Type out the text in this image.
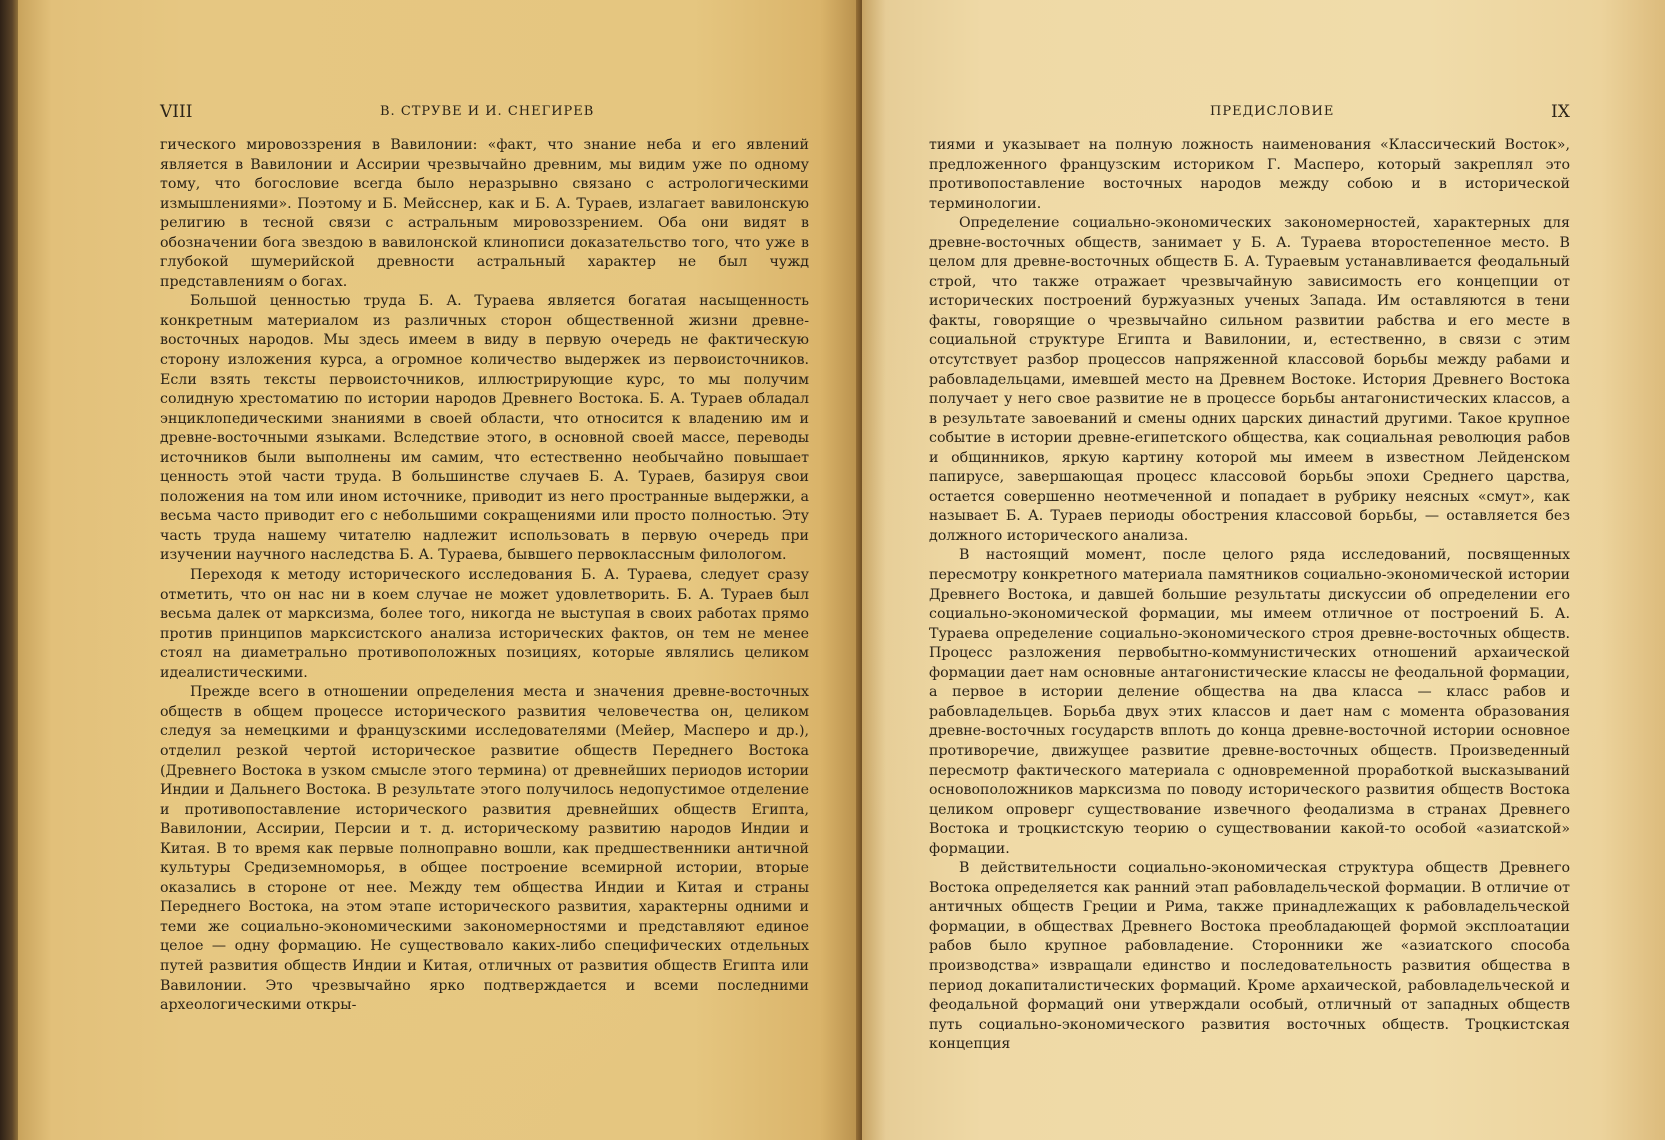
VIII	В. СТРУВЕ И И. СНЕГИРЕВ

гического мировоззрения в Вавилонии: «факт, что знание неба и его явлений является в Вавилонии и Ассирии чрезвычайно древним, мы видим уже по одному тому, что богословие всегда было неразрывно связано с астрологическими измышлениями». Поэтому и Б. Мейсснер, как и Б. А. Тураев, излагает вавилонскую религию в тесной связи с астральным мировоззрением. Оба они видят в обозначении бога звездою в вавилонской клинописи доказательство того, что уже в глубокой шумерийской древности астральный характер не был чужд представлениям о богах.

Большой ценностью труда Б. А. Тураева является богатая насыщенность конкретным материалом из различных сторон общественной жизни древне-восточных народов. Мы здесь имеем в виду в первую очередь не фактическую сторону изложения курса, а огромное количество выдержек из первоисточников. Если взять тексты первоисточников, иллюстрирующие курс, то мы получим солидную хрестоматию по истории народов Древнего Востока. Б. А. Тураев обладал энциклопедическими знаниями в своей области, что относится к владению им и древне-восточными языками. Вследствие этого, в основной своей массе, переводы источников были выполнены им самим, что естественно необычайно повышает ценность этой части труда. В большинстве случаев Б. А. Тураев, базируя свои положения на том или ином источнике, приводит из него пространные выдержки, а весьма часто приводит его с небольшими сокращениями или просто полностью. Эту часть труда нашему читателю надлежит использовать в первую очередь при изучении научного наследства Б. А. Тураева, бывшего первоклассным филологом.

Переходя к методу исторического исследования Б. А. Тураева, следует сразу отметить, что он нас ни в коем случае не может удовлетворить. Б. А. Тураев был весьма далек от марксизма, более того, никогда не выступая в своих работах прямо против принципов марксистского анализа исторических фактов, он тем не менее стоял на диаметрально противоположных позициях, которые являлись целиком идеалистическими.

Прежде всего в отношении определения места и значения древне-восточных обществ в общем процессе исторического развития человечества он, целиком следуя за немецкими и французскими исследователями (Мейер, Масперо и др.), отделил резкой чертой историческое развитие обществ Переднего Востока (Древнего Востока в узком смысле этого термина) от древнейших периодов истории Индии и Дальнего Востока. В результате этого получилось недопустимое отделение и противопоставление исторического развития древнейших обществ Египта, Вавилонии, Ассирии, Персии и т. д. историческому развитию народов Индии и Китая. В то время как первые полноправно вошли, как предшественники античной культуры Средиземноморья, в общее построение всемирной истории, вторые оказались в стороне от нее. Между тем общества Индии и Китая и страны Переднего Востока, на этом этапе исторического развития, характерны одними и теми же социально-экономическими закономерностями и представляют единое целое — одну формацию. Не существовало каких-либо специфических отдельных путей развития обществ Индии и Китая, отличных от развития обществ Египта или Вавилонии. Это чрезвычайно ярко подтверждается и всеми последними археологическими откры-

ПРЕДИСЛОВИЕ	IX

тиями и указывает на полную ложность наименования «Классический Восток», предложенного французским историком Г. Масперо, который закреплял это противопоставление восточных народов между собою и в исторической терминологии.

Определение социально-экономических закономерностей, характерных для древне-восточных обществ, занимает у Б. А. Тураева второстепенное место. В целом для древне-восточных обществ Б. А. Тураевым устанавливается феодальный строй, что также отражает чрезвычайную зависимость его концепции от исторических построений буржуазных ученых Запада. Им оставляются в тени факты, говорящие о чрезвычайно сильном развитии рабства и его месте в социальной структуре Египта и Вавилонии, и, естественно, в связи с этим отсутствует разбор процессов напряженной классовой борьбы между рабами и рабовладельцами, имевшей место на Древнем Востоке. История Древнего Востока получает у него свое развитие не в процессе борьбы антагонистических классов, а в результате завоеваний и смены одних царских династий другими. Такое крупное событие в истории древне-египетского общества, как социальная революция рабов и общинников, яркую картину которой мы имеем в известном Лейденском папирусе, завершающая процесс классовой борьбы эпохи Среднего царства, остается совершенно неотмеченной и попадает в рубрику неясных «смут», как называет Б. А. Тураев периоды обострения классовой борьбы, — оставляется без должного исторического анализа.

В настоящий момент, после целого ряда исследований, посвященных пересмотру конкретного материала памятников социально-экономической истории Древнего Востока, и давшей большие результаты дискуссии об определении его социально-экономической формации, мы имеем отличное от построений Б. А. Тураева определение социально-экономического строя древне-восточных обществ. Процесс разложения первобытно-коммунистических отношений архаической формации дает нам основные антагонистические классы не феодальной формации, а первое в истории деление общества на два класса — класс рабов и рабовладельцев. Борьба двух этих классов и дает нам с момента образования древне-восточных государств вплоть до конца древне-восточной истории основное противоречие, движущее развитие древне-восточных обществ. Произведенный пересмотр фактического материала с одновременной проработкой высказываний основоположников марксизма по поводу исторического развития обществ Востока целиком опроверг существование извечного феодализма в странах Древнего Востока и троцкистскую теорию о существовании какой-то особой «азиатской» формации.

В действительности социально-экономическая структура обществ Древнего Востока определяется как ранний этап рабовладельческой формации. В отличие от античных обществ Греции и Рима, также принадлежащих к рабовладельческой формации, в обществах Древнего Востока преобладающей формой эксплоатации рабов было крупное рабовладение. Сторонники же «азиатского способа производства» извращали единство и последовательность развития общества в период докапиталистических формаций. Кроме архаической, рабовладельческой и феодальной формаций они утверждали особый, отличный от западных обществ путь социально-экономического развития восточных обществ. Троцкистская концепция
